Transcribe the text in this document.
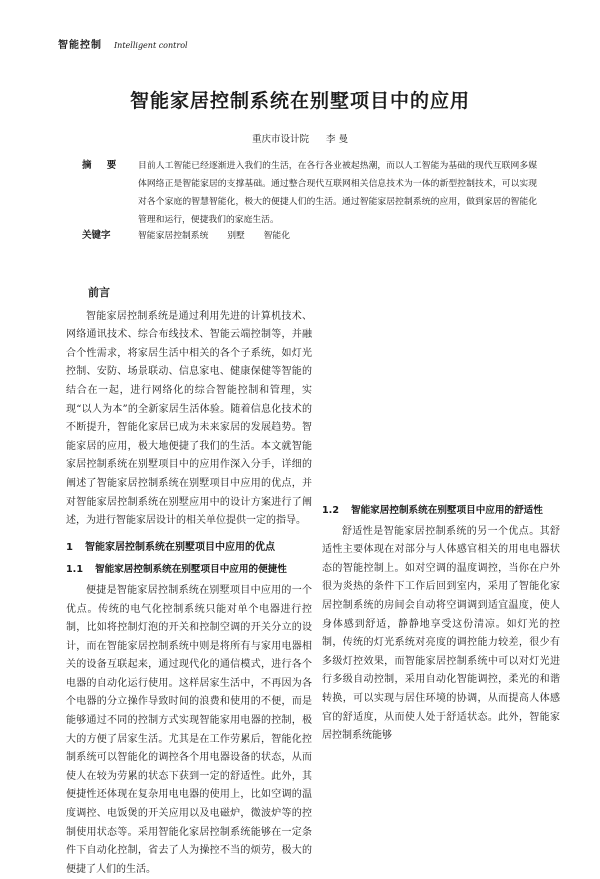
智能控制 Intelligent control
智能家居控制系统在别墅项目中的应用
重庆市设计院 李 曼
摘 要	目前人工智能已经逐渐进入我们的生活，在各行各业被起热潮，而以人工智能为基础的现代互联网多媒体网络正是智能家居的支撑基础。通过整合现代互联网相关信息技术为一体的新型控制技术，可以实现对各个家庭的智慧智能化，极大的便捷人们的生活。通过智能家居控制系统的应用，做到家居的智能化管理和运行，便捷我们的家庭生活。
关键字	智能家居控制系统 别墅 智能化
前言

智能家居控制系统是通过利用先进的计算机技术、网络通讯技术、综合布线技术、智能云端控制等，并融合个性需求，将家居生活中相关的各个子系统，如灯光控制、安防、场景联动、信息家电、健康保健等智能的结合在一起，进行网络化的综合智能控制和管理，实现“以人为本”的全新家居生活体验。随着信息化技术的不断提升，智能化家居已成为未来家居的发展趋势。智能家居的应用，极大地便捷了我们的生活。本文就智能家居控制系统在别墅项目中的应用作深入分手，详细的阐述了智能家居控制系统在别墅项目中应用的优点，并对智能家居控制系统在别墅应用中的设计方案进行了阐述，为进行智能家居设计的相关单位提供一定的指导。

1 智能家居控制系统在别墅项目中应用的优点
1.1 智能家居控制系统在别墅项目中应用的便捷性

便捷是智能家居控制系统在别墅项目中应用的一个优点。传统的电气化控制系统只能对单个电器进行控制，比如将控制灯泡的开关和控制空调的开关分立的设计，而在智能家居控制系统中则是将所有与家用电器相关的设备互联起来，通过现代化的通信模式，进行各个电器的自动化运行使用。这样居家生活中，不再因为各个电器的分立操作导致时间的浪费和使用的不便，而是能够通过不同的控制方式实现智能家用电器的控制，极大的方便了居家生活。尤其是在工作劳累后，智能化控制系统可以智能化的调控各个用电器设备的状态，从而使人在较为劳累的状态下获到一定的舒适性。此外，其便捷性还体现在复杂用电电器的使用上，比如空调的温度调控、电饭煲的开关应用以及电磁炉，微波炉等的控制使用状态等。采用智能化家居控制系统能够在一定条件下自动化控制，省去了人为操控不当的烦劳，极大的便捷了人们的生活。

1.2 智能家居控制系统在别墅项目中应用的舒适性

舒适性是智能家居控制系统的另一个优点。其舒适性主要体现在对部分与人体感官相关的用电电器状态的智能控制上。如对空调的温度调控，当你在户外很为炎热的条件下工作后回到室内，采用了智能化家居控制系统的房间会自动将空调调到适宜温度，使人身体感到舒适，静静地享受这份清凉。如灯光的控制，传统的灯光系统对亮度的调控能力较差，很少有多级灯控效果，而智能家居控制系统中可以对灯光进行多级自动控制，采用自动化智能调控，柔光的和谐转换，可以实现与居住环境的协调，从而提高人体感官的舒适度，从而使人处于舒适状态。此外，智能家居控制系统能够
